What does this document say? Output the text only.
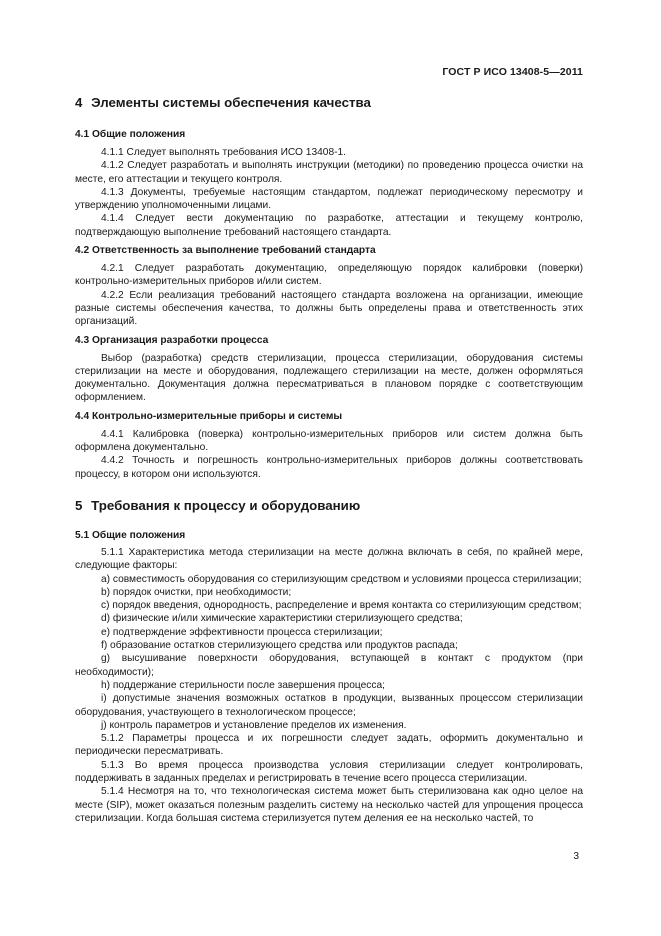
ГОСТ Р ИСО 13408-5—2011
4 Элементы системы обеспечения качества
4.1 Общие положения

4.1.1 Следует выполнять требования ИСО 13408-1.

4.1.2 Следует разработать и выполнять инструкции (методики) по проведению процесса очистки на месте, его аттестации и текущего контроля.

4.1.3 Документы, требуемые настоящим стандартом, подлежат периодическому пересмотру и утверждению уполномоченными лицами.

4.1.4 Следует вести документацию по разработке, аттестации и текущему контролю, подтверждающую выполнение требований настоящего стандарта.

4.2 Ответственность за выполнение требований стандарта

4.2.1 Следует разработать документацию, определяющую порядок калибровки (поверки) контрольно-измерительных приборов и/или систем.

4.2.2 Если реализация требований настоящего стандарта возложена на организации, имеющие разные системы обеспечения качества, то должны быть определены права и ответственность этих организаций.

4.3 Организация разработки процесса

Выбор (разработка) средств стерилизации, процесса стерилизации, оборудования системы стерилизации на месте и оборудования, подлежащего стерилизации на месте, должен оформляться документально. Документация должна пересматриваться в плановом порядке с соответствующим оформлением.

4.4 Контрольно-измерительные приборы и системы

4.4.1 Калибровка (поверка) контрольно-измерительных приборов или систем должна быть оформлена документально.

4.4.2 Точность и погрешность контрольно-измерительных приборов должны соответствовать процессу, в котором они используются.

5 Требования к процессу и оборудованию
5.1 Общие положения

5.1.1 Характеристика метода стерилизации на месте должна включать в себя, по крайней мере, следующие факторы:

a) совместимость оборудования со стерилизующим средством и условиями процесса стерилизации;

b) порядок очистки, при необходимости;

c) порядок введения, однородность, распределение и время контакта со стерилизующим средством;

d) физические и/или химические характеристики стерилизующего средства;

e) подтверждение эффективности процесса стерилизации;

f) образование остатков стерилизующего средства или продуктов распада;

g) высушивание поверхности оборудования, вступающей в контакт с продуктом (при необходимости);

h) поддержание стерильности после завершения процесса;

i) допустимые значения возможных остатков в продукции, вызванных процессом стерилизации оборудования, участвующего в технологическом процессе;

j) контроль параметров и установление пределов их изменения.

5.1.2 Параметры процесса и их погрешности следует задать, оформить документально и периодически пересматривать.

5.1.3 Во время процесса производства условия стерилизации следует контролировать, поддерживать в заданных пределах и регистрировать в течение всего процесса стерилизации.

5.1.4 Несмотря на то, что технологическая система может быть стерилизована как одно целое на месте (SIP), может оказаться полезным разделить систему на несколько частей для упрощения процесса стерилизации. Когда большая система стерилизуется путем деления ее на несколько частей, то

3
